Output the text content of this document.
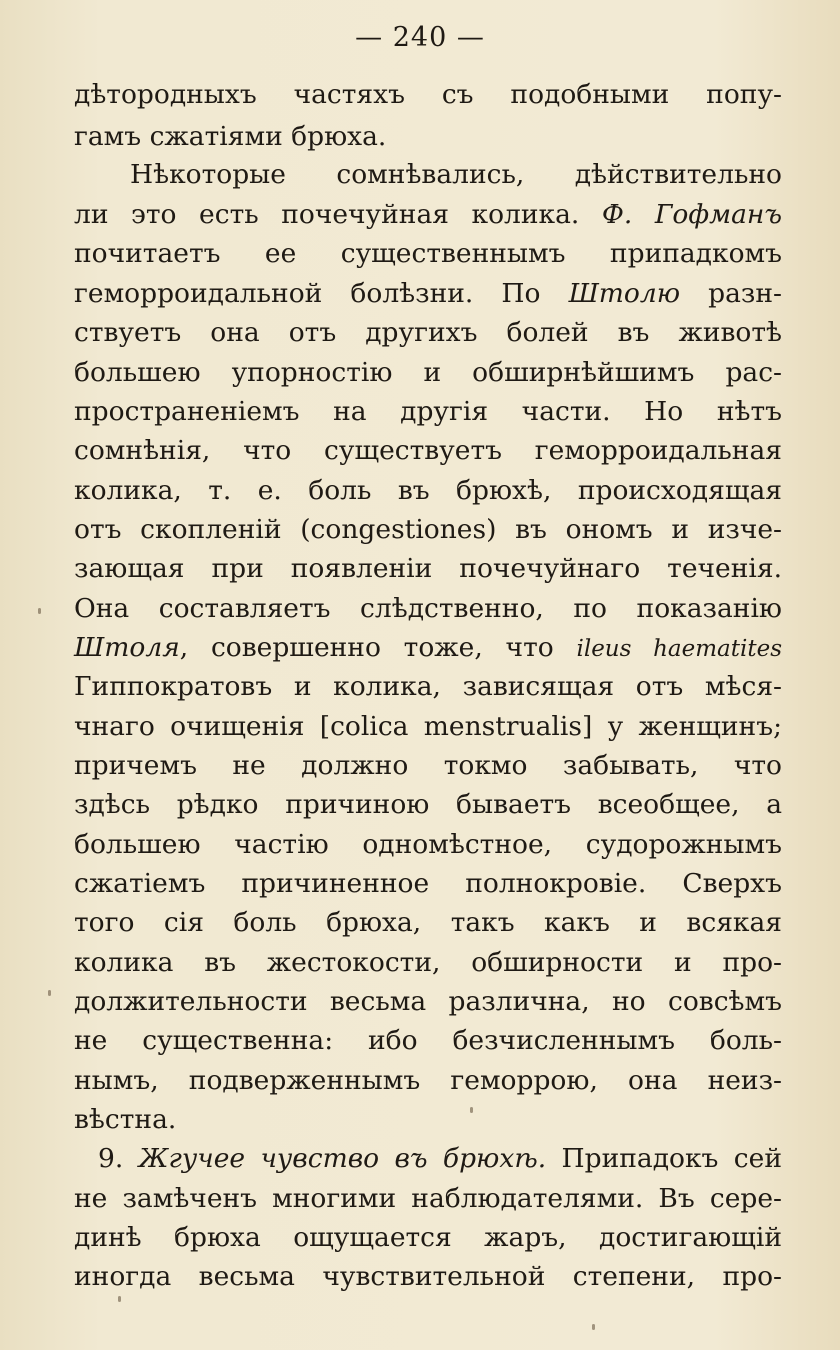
— 240 —
дѣтородныхъ частяхъ съ подобными попу-
гамъ сжатiями брюха.
Нѣкоторые сомнѣвались, дѣйствительно
ли это есть почечуйная колика. Ф. Гофманъ
почитаетъ ее существеннымъ припадкомъ
геморроидальной болѣзни. По Штолю разн-
ствуетъ она отъ другихъ болей въ животѣ
большею упорностiю и обширнѣйшимъ рас-
пространенiемъ на другiя части. Но нѣтъ
сомнѣнiя, что существуетъ геморроидальная
колика, т. е. боль въ брюхѣ, происходящая
отъ скопленiй (congestiones) въ ономъ и изче-
зающая при появленiи почечуйнаго теченiя.
Она составляетъ слѣдственно, по показанiю
Штоля, совершенно тоже, что ileus haematites
Гиппократовъ и колика, зависящая отъ мѣся-
чнаго очищенiя [colica menstrualis] у женщинъ;
причемъ не должно токмо забывать, что
здѣсь рѣдко причиною бываетъ всеобщее, а
большею частiю одномѣстное, судорожнымъ
сжатiемъ причиненное полнокровiе. Сверхъ
того сiя боль брюха, такъ какъ и всякая
колика въ жестокости, обширности и про-
должительности весьма различна, но совсѣмъ
не существенна: ибо безчисленнымъ боль-
нымъ, подверженнымъ геморрою, она неиз-
вѣстна.
9. Жгучее чувство въ брюхѣ. Припадокъ сей
не замѣченъ многими наблюдателями. Въ сере-
динѣ брюха ощущается жаръ, достигающiй
иногда весьма чувствительной степени, про-
